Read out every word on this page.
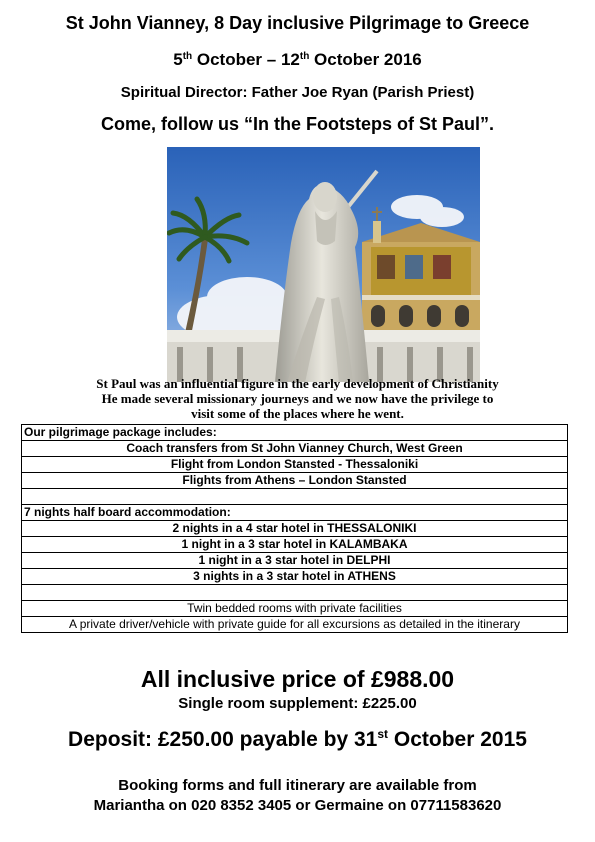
St John Vianney, 8 Day inclusive Pilgrimage to Greece
5th October – 12th October 2016
Spiritual Director: Father Joe Ryan (Parish Priest)
Come, follow us “In the Footsteps of St Paul”.
St Paul was an influential figure in the early development of Christianity
He made several missionary journeys and we now have the privilege to
visit some of the places where he went.
Our pilgrimage package includes:
Coach transfers from St John Vianney Church, West Green
Flight from London Stansted - Thessaloniki
Flights from Athens – London Stansted

7 nights half board accommodation:
2 nights in a 4 star hotel in THESSALONIKI
1 night in a 3 star hotel in KALAMBAKA
1 night in a 3 star hotel in DELPHI
3 nights in a 3 star hotel in ATHENS

Twin bedded rooms with private facilities
A private driver/vehicle with private guide for all excursions as detailed in the itinerary
All inclusive price of £988.00
Single room supplement: £225.00
Deposit: £250.00 payable by 31st October 2015
Booking forms and full itinerary are available from
Mariantha on 020 8352 3405 or Germaine on 07711583620
